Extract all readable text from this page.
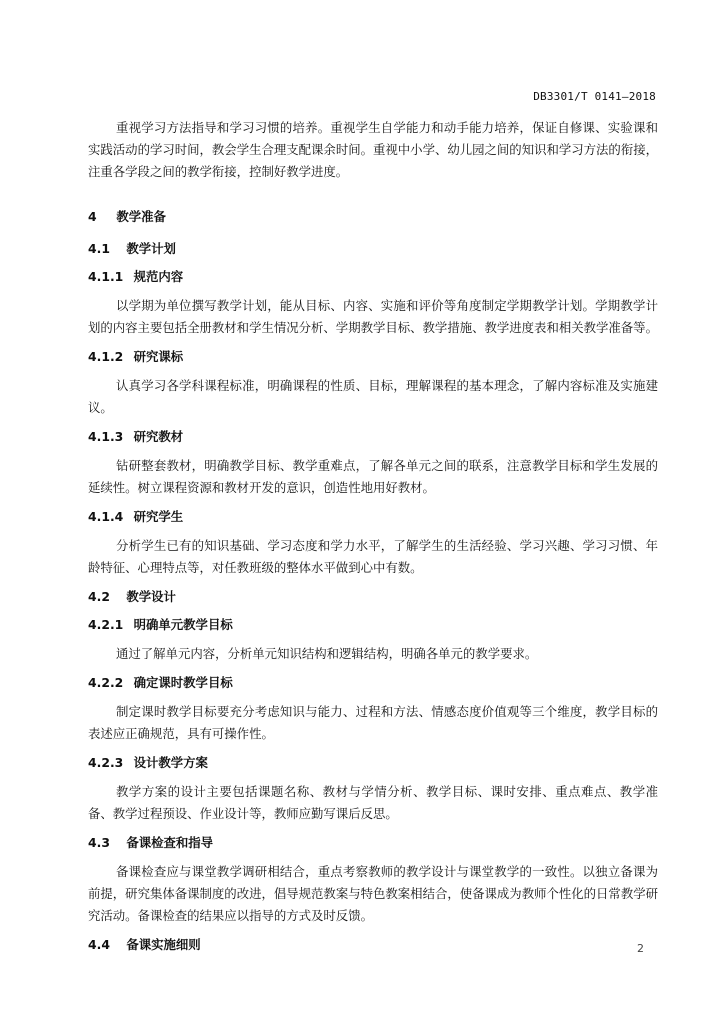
DB3301/T 0141—2018

重视学习方法指导和学习习惯的培养。重视学生自学能力和动手能力培养，保证自修课、实验课和实践活动的学习时间，教会学生合理支配课余时间。重视中小学、幼儿园之间的知识和学习方法的衔接，注重各学段之间的教学衔接，控制好教学进度。

4 教学准备
4.1 教学计划
4.1.1 规范内容

以学期为单位撰写教学计划，能从目标、内容、实施和评价等角度制定学期教学计划。学期教学计划的内容主要包括全册教材和学生情况分析、学期教学目标、教学措施、教学进度表和相关教学准备等。

4.1.2 研究课标

认真学习各学科课程标准，明确课程的性质、目标，理解课程的基本理念，了解内容标准及实施建议。

4.1.3 研究教材

钻研整套教材，明确教学目标、教学重难点，了解各单元之间的联系，注意教学目标和学生发展的延续性。树立课程资源和教材开发的意识，创造性地用好教材。

4.1.4 研究学生

分析学生已有的知识基础、学习态度和学力水平，了解学生的生活经验、学习兴趣、学习习惯、年龄特征、心理特点等，对任教班级的整体水平做到心中有数。

4.2 教学设计
4.2.1 明确单元教学目标

通过了解单元内容，分析单元知识结构和逻辑结构，明确各单元的教学要求。

4.2.2 确定课时教学目标

制定课时教学目标要充分考虑知识与能力、过程和方法、情感态度价值观等三个维度，教学目标的表述应正确规范，具有可操作性。

4.2.3 设计教学方案

教学方案的设计主要包括课题名称、教材与学情分析、教学目标、课时安排、重点难点、教学准备、教学过程预设、作业设计等，教师应勤写课后反思。

4.3 备课检查和指导

备课检查应与课堂教学调研相结合，重点考察教师的教学设计与课堂教学的一致性。以独立备课为前提，研究集体备课制度的改进，倡导规范教案与特色教案相结合，使备课成为教师个性化的日常教学研究活动。备课检查的结果应以指导的方式及时反馈。

4.4 备课实施细则	2
